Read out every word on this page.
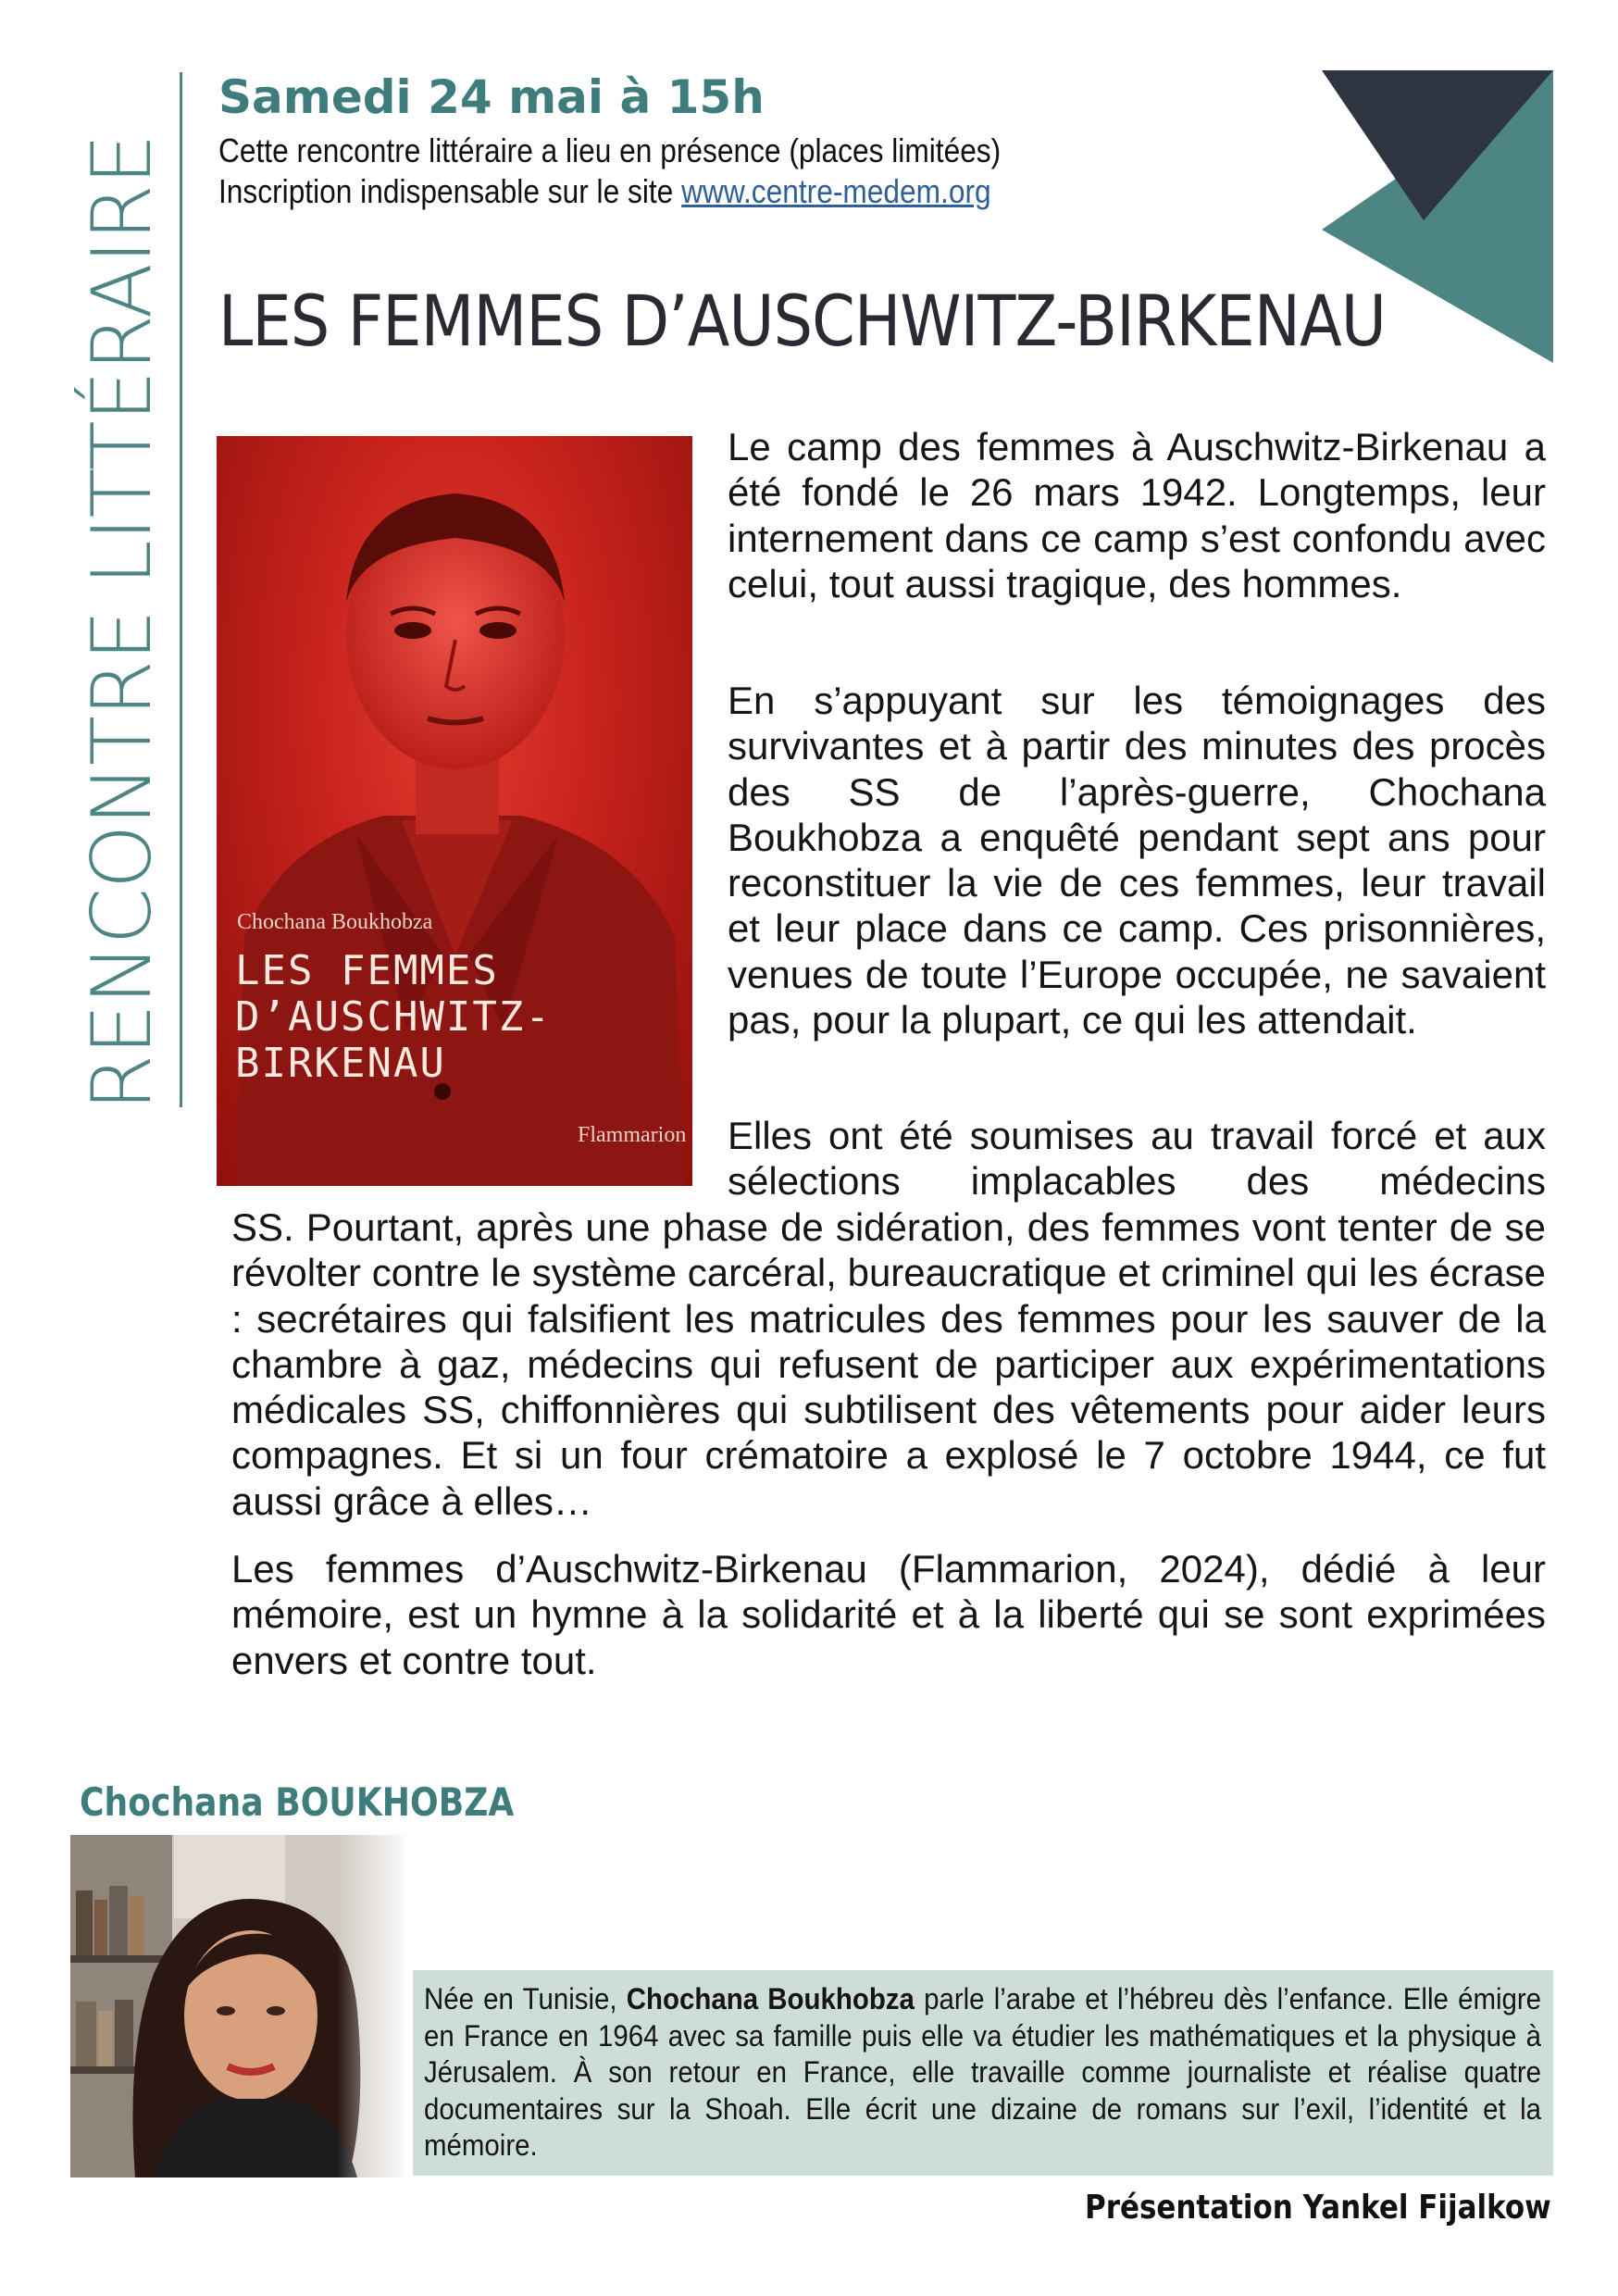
RENCONTRE LITTÉRAIRE
Samedi 24 mai à 15h
Cette rencontre littéraire a lieu en présence (places limitées)
Inscription indispensable sur le site www.centre-medem.org
LES FEMMES D’AUSCHWITZ-BIRKENAU
Chochana Boukhobza
LES FEMMES
D’AUSCHWITZ-
BIRKENAU
Flammarion

Le camp des femmes à Auschwitz-Birkenau a été fondé le 26 mars 1942. Longtemps, leur internement dans ce camp s’est confondu avec celui, tout aussi tragique, des hommes.

En s’appuyant sur les témoignages des survivantes et à partir des minutes des procès des SS de l’après-guerre, Chochana Boukhobza a enquêté pendant sept ans pour reconstituer la vie de ces femmes, leur travail et leur place dans ce camp. Ces prisonnières, venues de toute l’Europe occupée, ne savaient pas, pour la plupart, ce qui les attendait.

Elles ont été soumises au travail forcé et aux sélections implacables des médecins

SS. Pourtant, après une phase de sidération, des femmes vont tenter de se révolter contre le système carcéral, bureaucratique et criminel qui les écrase : secrétaires qui falsifient les matricules des femmes pour les sauver de la chambre à gaz, médecins qui refusent de participer aux expérimentations médicales SS, chiffonnières qui subtilisent des vêtements pour aider leurs compagnes. Et si un four crématoire a explosé le 7 octobre 1944, ce fut aussi grâce à elles…

Les femmes d’Auschwitz-Birkenau (Flammarion, 2024), dédié à leur mémoire, est un hymne à la solidarité et à la liberté qui se sont exprimées envers et contre tout.

Chochana BOUKHOBZA

Née en Tunisie, Chochana Boukhobza parle l’arabe et l’hébreu dès l’enfance. Elle émigre en France en 1964 avec sa famille puis elle va étudier les mathématiques et la physique à Jérusalem. À son retour en France, elle travaille comme journaliste et réalise quatre documentaires sur la Shoah. Elle écrit une dizaine de romans sur l’exil, l’identité et la mémoire.

Présentation Yankel Fijalkow
